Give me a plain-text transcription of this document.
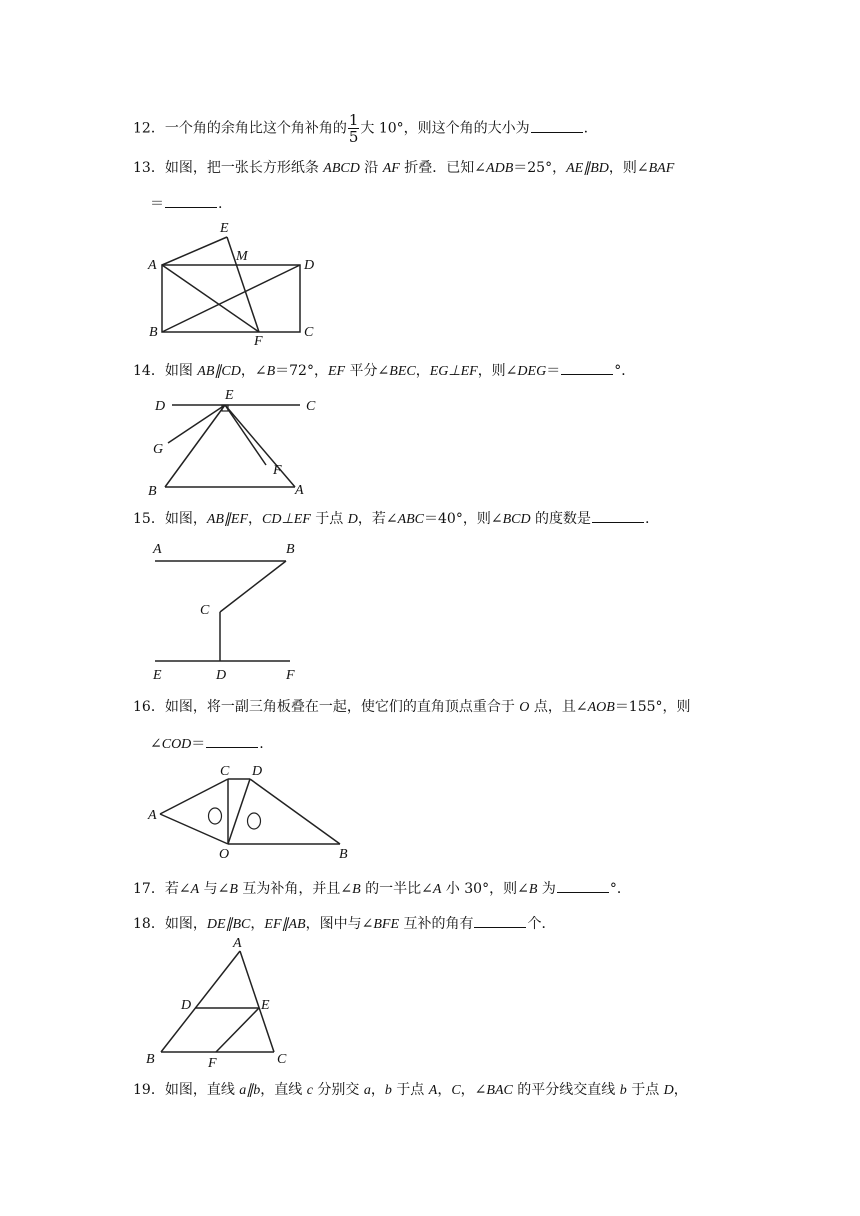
12．一个角的余角比这个角补角的 $\frac{1}{5}$ 大 10°，则这个角的大小为	.
13．如图，把一张长方形纸条 ABCD 沿 AF 折叠．已知∠ADB＝25°，AE∥BD，则∠BAF
＝	.
A
E
M
D
B
F
C
14．如图 AB∥CD，∠B＝72°，EF 平分∠BEC，EG⊥EF，则∠DEG＝	°．
E
D	C
G
F
B	A
15．如图，AB∥EF，CD⊥EF 于点 D，若∠ABC＝40°，则∠BCD 的度数是	.
A	B
C
E	D	F
16．如图，将一副三角板叠在一起，使它们的直角顶点重合于 O 点，且∠AOB＝155°，则
∠COD＝	.
C D
A
O	B
17．若∠A 与∠B 互为补角，并且∠B 的一半比∠A 小 30°，则∠B 为	°．
18．如图，DE∥BC，EF∥AB，图中与∠BFE 互补的角有	个．
A
D	E
B	F	C
19．如图，直线 a∥b，直线 c 分别交 a，b 于点 A，C，∠BAC 的平分线交直线 b 于点 D，
